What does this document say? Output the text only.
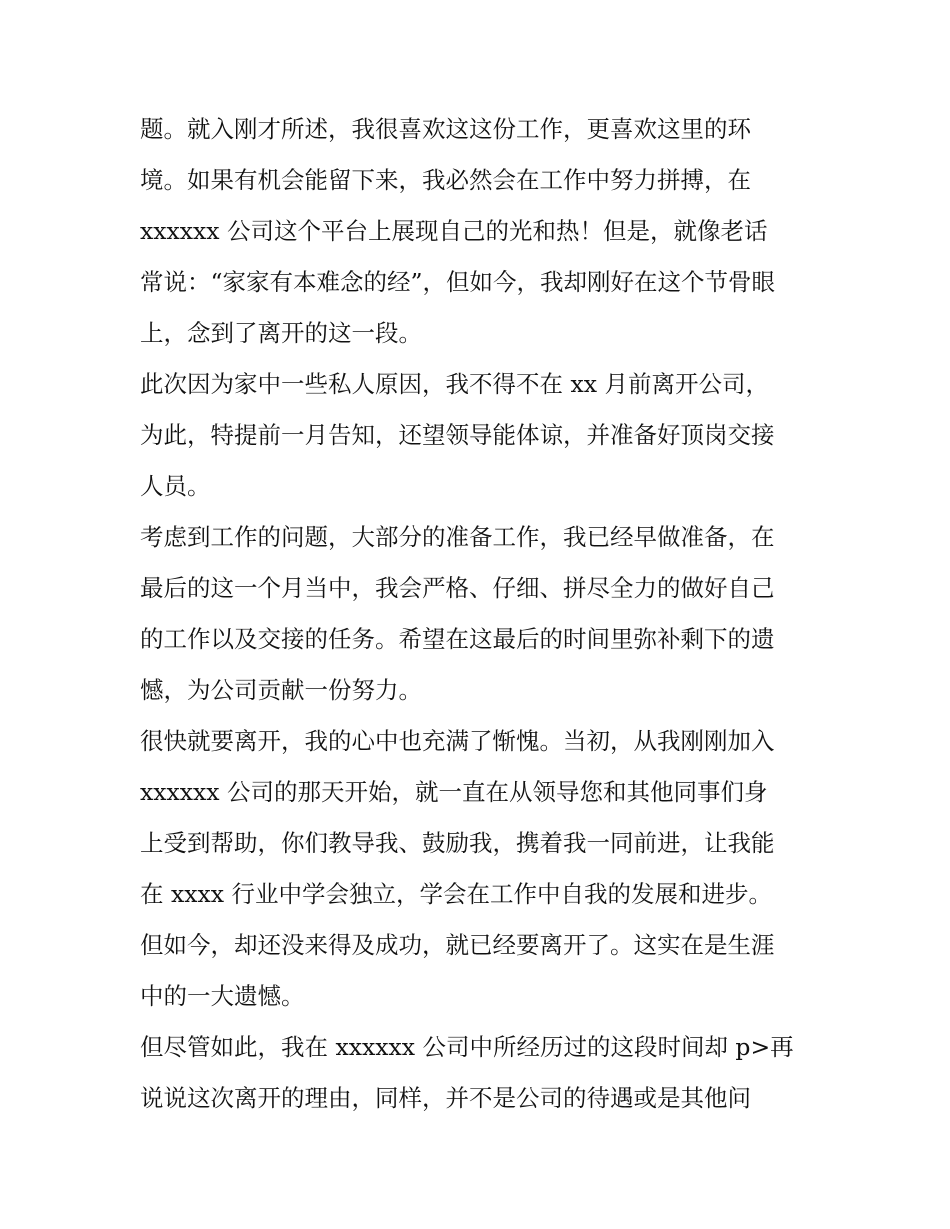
题。就入刚才所述，我很喜欢这这份工作，更喜欢这里的环
境。如果有机会能留下来，我必然会在工作中努力拼搏，在
xxxxxx 公司这个平台上展现自己的光和热！但是，就像老话
常说：“家家有本难念的经”，但如今，我却刚好在这个节骨眼
上，念到了离开的这一段。
此次因为家中一些私人原因，我不得不在 xx 月前离开公司，
为此，特提前一月告知，还望领导能体谅，并准备好顶岗交接
人员。
考虑到工作的问题，大部分的准备工作，我已经早做准备，在
最后的这一个月当中，我会严格、仔细、拼尽全力的做好自己
的工作以及交接的任务。希望在这最后的时间里弥补剩下的遗
憾，为公司贡献一份努力。
很快就要离开，我的心中也充满了惭愧。当初，从我刚刚加入
xxxxxx 公司的那天开始，就一直在从领导您和其他同事们身
上受到帮助，你们教导我、鼓励我，携着我一同前进，让我能
在 xxxx 行业中学会独立，学会在工作中自我的发展和进步。
但如今，却还没来得及成功，就已经要离开了。这实在是生涯
中的一大遗憾。
但尽管如此，我在 xxxxxx 公司中所经历过的这段时间却 p>再
说说这次离开的理由，同样，并不是公司的待遇或是其他问
